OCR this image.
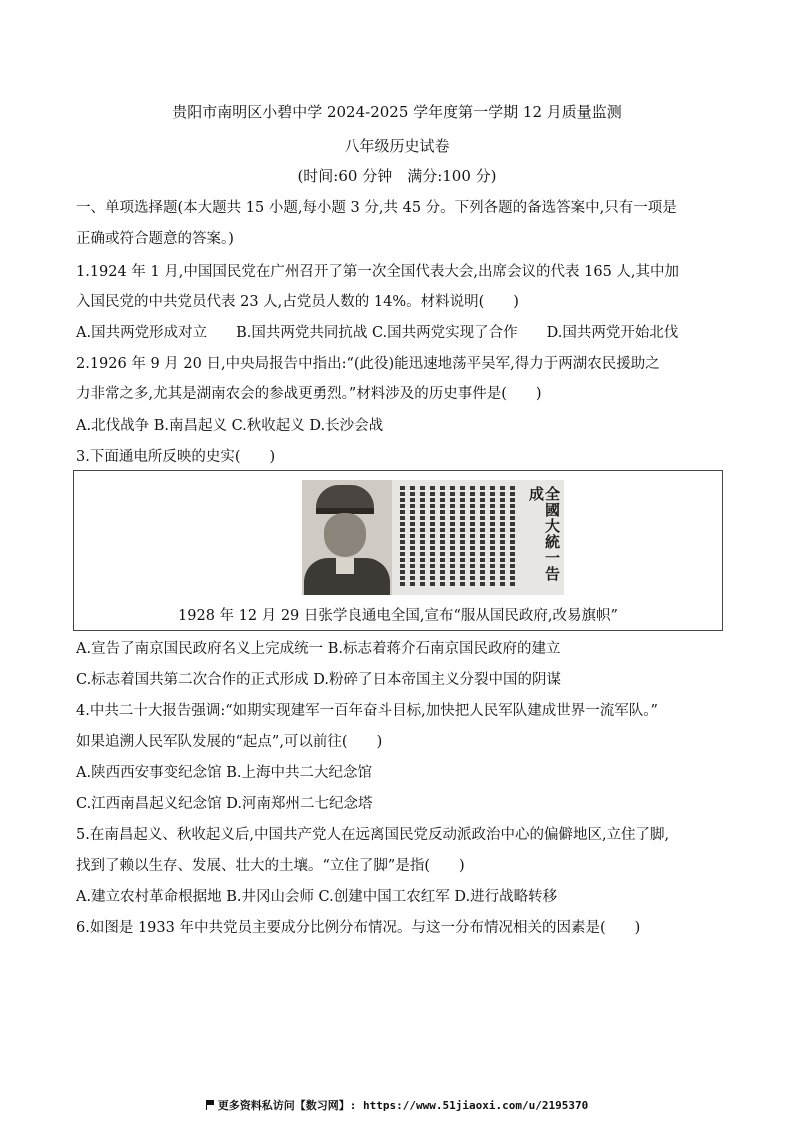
贵阳市南明区小碧中学 2024-2025 学年度第一学期 12 月质量监测
八年级历史试卷
(时间:60 分钟　满分:100 分)
一、单项选择题(本大题共 15 小题,每小题 3 分,共 45 分。下列各题的备选答案中,只有一项是
正确或符合题意的答案。)
1.1924 年 1 月,中国国民党在广州召开了第一次全国代表大会,出席会议的代表 165 人,其中加
入国民党的中共党员代表 23 人,占党员人数的 14%。材料说明(　　)
A.国共两党形成对立　　B.国共两党共同抗战 C.国共两党实现了合作　　D.国共两党开始北伐
2.1926 年 9 月 20 日,中央局报告中指出:“(此役)能迅速地荡平吴军,得力于两湖农民援助之
力非常之多,尤其是湖南农会的参战更勇烈。”材料涉及的历史事件是(　　)
A.北伐战争 B.南昌起义 C.秋收起义 D.长沙会战
3.下面通电所反映的史实(　　)
全國大統一告成
1928 年 12 月 29 日张学良通电全国,宣布“服从国民政府,改易旗帜”
A.宣告了南京国民政府名义上完成统一 B.标志着蒋介石南京国民政府的建立
C.标志着国共第二次合作的正式形成 D.粉碎了日本帝国主义分裂中国的阴谋
4.中共二十大报告强调:“如期实现建军一百年奋斗目标,加快把人民军队建成世界一流军队。”
如果追溯人民军队发展的“起点”,可以前往(　　)
A.陕西西安事变纪念馆 B.上海中共二大纪念馆
C.江西南昌起义纪念馆 D.河南郑州二七纪念塔
5.在南昌起义、秋收起义后,中国共产党人在远离国民党反动派政治中心的偏僻地区,立住了脚,
找到了赖以生存、发展、壮大的土壤。“立住了脚”是指(　　)
A.建立农村革命根据地 B.井冈山会师 C.创建中国工农红军 D.进行战略转移
6.如图是 1933 年中共党员主要成分比例分布情况。与这一分布情况相关的因素是(　　)
更多资料私访问【数习网】: https://www.51jiaoxi.com/u/2195370
